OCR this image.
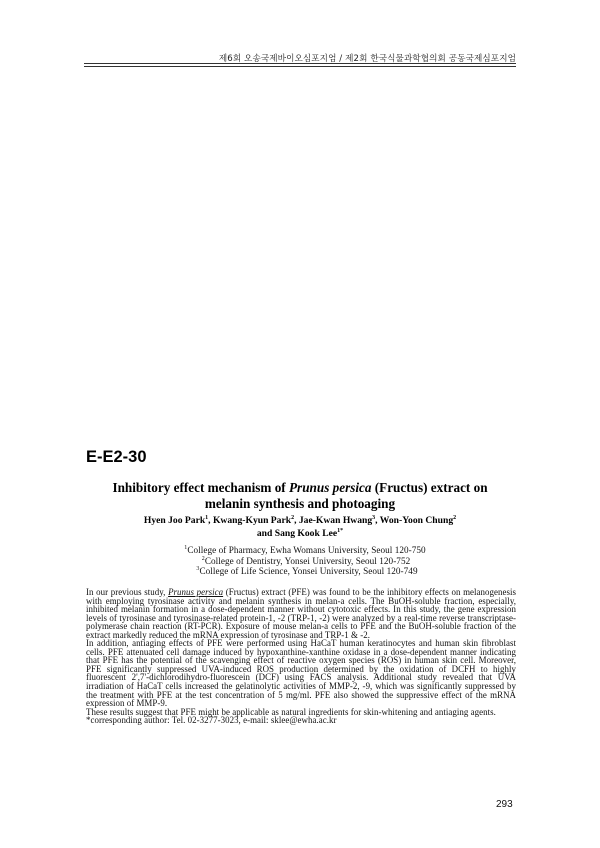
제6회 오송국제바이오심포지엄 / 제2회 한국식물과학협의회 공동국제심포지엄
E-E2-30
Inhibitory effect mechanism of Prunus persica (Fructus) extract on
melanin synthesis and photoaging
Hyen Joo Park$^1$, Kwang-Kyun Park$^2$, Jae-Kwan Hwang$^3$, Won-Yoon Chung$^2$
and Sang Kook Lee$^{1*}$
$^1$College of Pharmacy, Ewha Womans University, Seoul 120-750
$^2$College of Dentistry, Yonsei University, Seoul 120-752
$^3$College of Life Science, Yonsei University, Seoul 120-749

In our previous study, Prunus persica (Fructus) extract (PFE) was found to be the inhibitory effects on melanogenesis with employing tyrosinase activity and melanin synthesis in melan-a cells. The BuOH-soluble fraction, especially, inhibited melanin formation in a dose-dependent manner without cytotoxic effects. In this study, the gene expression levels of tyrosinase and tyrosinase-related protein-1, -2 (TRP-1, -2) were analyzed by a real-time reverse transcriptase-polymerase chain reaction (RT-PCR). Exposure of mouse melan-a cells to PFE and the BuOH-soluble fraction of the extract markedly reduced the mRNA expression of tyrosinase and TRP-1 & -2.

In addition, antiaging effects of PFE were performed using HaCaT human keratinocytes and human skin fibroblast cells. PFE attenuated cell damage induced by hypoxanthine-xanthine oxidase in a dose-dependent manner indicating that PFE has the potential of the scavenging effect of reactive oxygen species (ROS) in human skin cell. Moreover, PFE significantly suppressed UVA-induced ROS production determined by the oxidation of DCFH to highly fluorescent 2',7'-dichlorodihydro-fluorescein (DCF) using FACS analysis. Additional study revealed that UVA irradiation of HaCaT cells increased the gelatinolytic activities of MMP-2, -9, which was significantly suppressed by the treatment with PFE at the test concentration of 5 mg/ml. PFE also showed the suppressive effect of the mRNA expression of MMP-9.

These results suggest that PFE might be applicable as natural ingredients for skin-whitening and antiaging agents.

*corresponding author: Tel. 02-3277-3023, e-mail: sklee@ewha.ac.kr

293
